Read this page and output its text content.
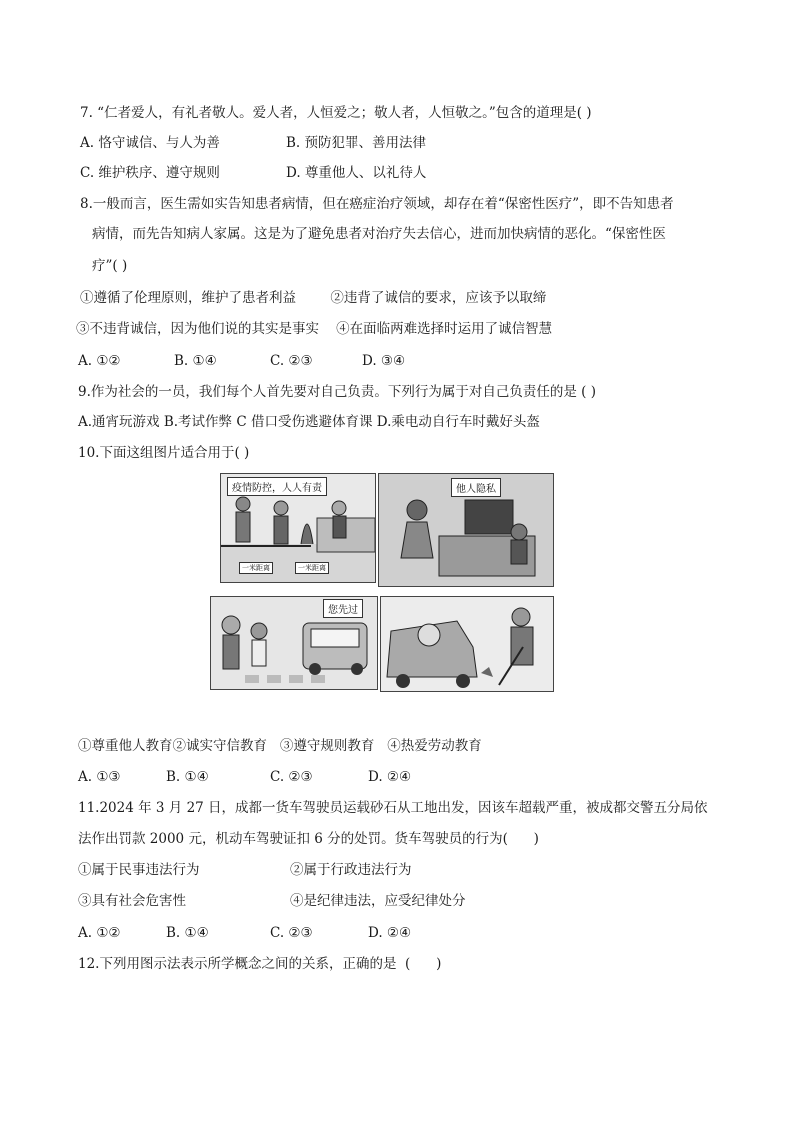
7. “仁者爱人，有礼者敬人。爱人者，人恒爱之；敬人者，人恒敬之。”包含的道理是( )
A. 恪守诚信、与人为善	B. 预防犯罪、善用法律
C. 维护秩序、遵守规则	D. 尊重他人、以礼待人
8.一般而言，医生需如实告知患者病情，但在癌症治疗领域，却存在着“保密性医疗”，即不告知患者
病情，而先告知病人家属。这是为了避免患者对治疗失去信心，进而加快病情的恶化。“保密性医
疗”( )
①遵循了伦理原则，维护了患者利益        ②违背了诚信的要求，应该予以取缔
③不违背诚信，因为他们说的其实是事实    ④在面临两难选择时运用了诚信智慧
A. ①②	B. ①④	C. ②③	D. ③④
9.作为社会的一员，我们每个人首先要对自己负责。下列行为属于对自己负责任的是 ( )
A.通宵玩游戏 B.考试作弊 C 借口受伤逃避体育课 D.乘电动自行车时戴好头盔
10.下面这组图片适合用于( )
疫情防控，人人有责
一米距离	一米距离
他人隐私
您先过
①尊重他人教育②诚实守信教育   ③遵守规则教育   ④热爱劳动教育
A. ①③	B. ①④	C. ②③	D. ②④
11.2024 年 3 月 27 日，成都一货车驾驶员运载砂石从工地出发，因该车超载严重，被成都交警五分局依
法作出罚款 2000 元，机动车驾驶证扣 6 分的处罚。货车驾驶员的行为(      )
①属于民事违法行为	②属于行政违法行为
③具有社会危害性	④是纪律违法，应受纪律处分
A. ①②	B. ①④	C. ②③	D. ②④
12.下列用图示法表示所学概念之间的关系，正确的是  (      )
